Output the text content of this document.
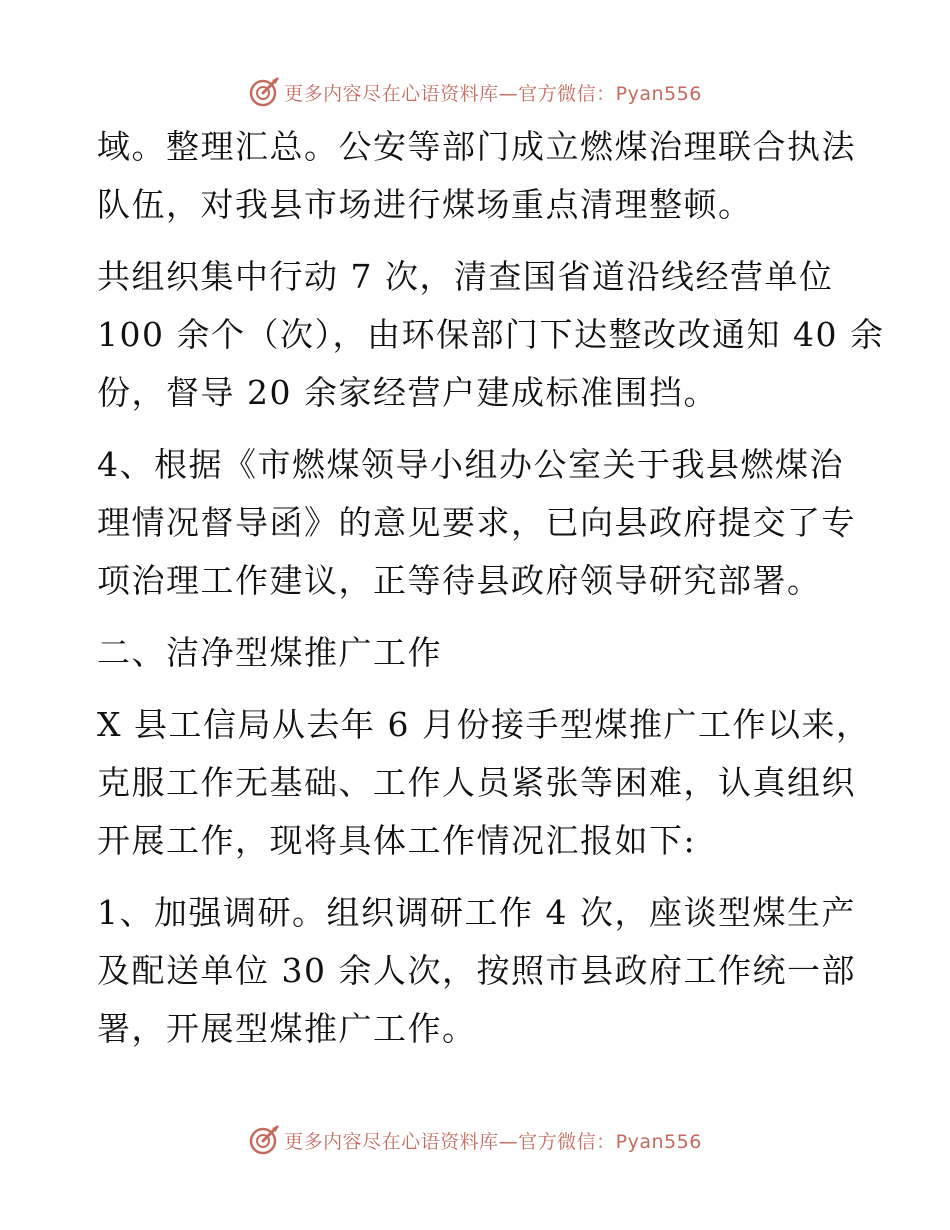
更多内容尽在心语资料库—官方微信：Pyan556

域。整理汇总。公安等部门成立燃煤治理联合执法
队伍，对我县市场进行煤场重点清理整顿。

共组织集中行动 7 次，清查国省道沿线经营单位
100 余个（次），由环保部门下达整改改通知 40 余
份，督导 20 余家经营户建成标准围挡。

4、根据《市燃煤领导小组办公室关于我县燃煤治
理情况督导函》的意见要求，已向县政府提交了专
项治理工作建议，正等待县政府领导研究部署。

二、洁净型煤推广工作

X 县工信局从去年 6 月份接手型煤推广工作以来，
克服工作无基础、工作人员紧张等困难，认真组织
开展工作，现将具体工作情况汇报如下:

1、加强调研。组织调研工作 4 次，座谈型煤生产
及配送单位 30 余人次，按照市县政府工作统一部
署，开展型煤推广工作。

更多内容尽在心语资料库—官方微信：Pyan556
